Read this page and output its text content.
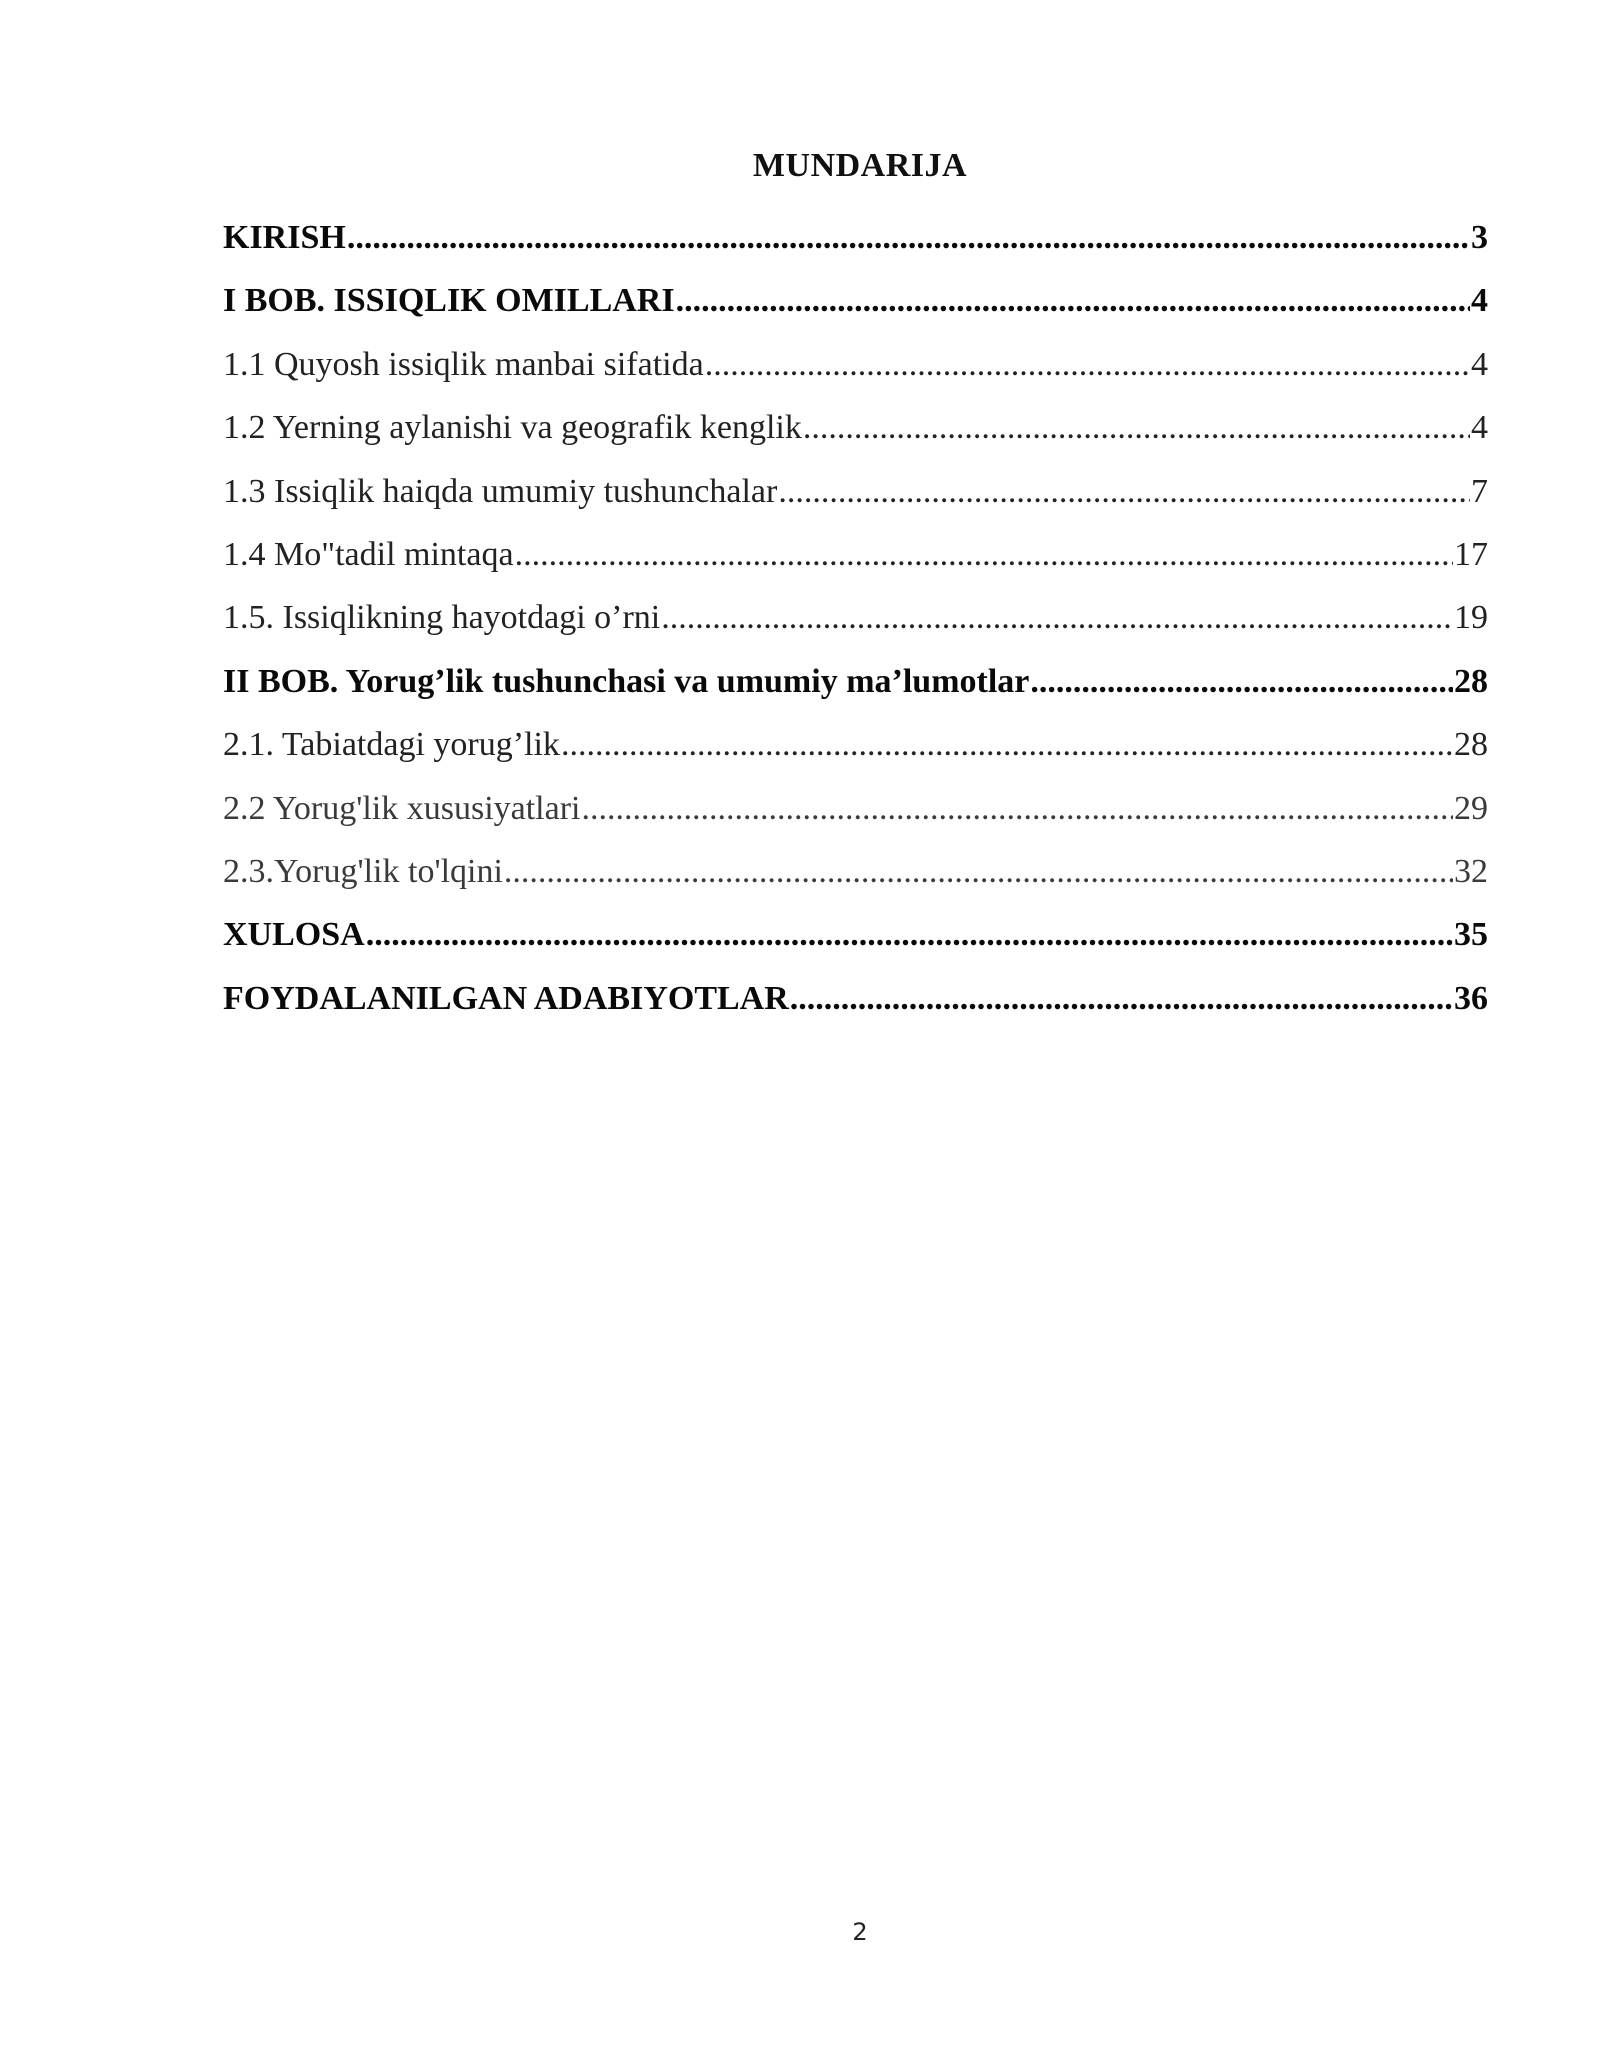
MUNDARIJA
KIRISH .....	3
I BOB. ISSIQLIK OMILLARI .....	4
1.1 Quyosh issiqlik manbai sifatida .....	4
1.2 Yerning aylanishi va geografik kenglik .....	4
1.3 Issiqlik haiqda umumiy tushunchalar .....	7
1.4 Mo"tadil mintaqa .....	17
1.5. Issiqlikning hayotdagi o’rni .....	19
II BOB. Yorug’lik tushunchasi va umumiy ma’lumotlar .....	28
2.1. Tabiatdagi yorug’lik .....	28
2.2 Yorug'lik xususiyatlari .....	29
2.3.Yorug'lik to'lqini .....	32
XULOSA .....	35
FOYDALANILGAN ADABIYOTLAR .....	36
2
